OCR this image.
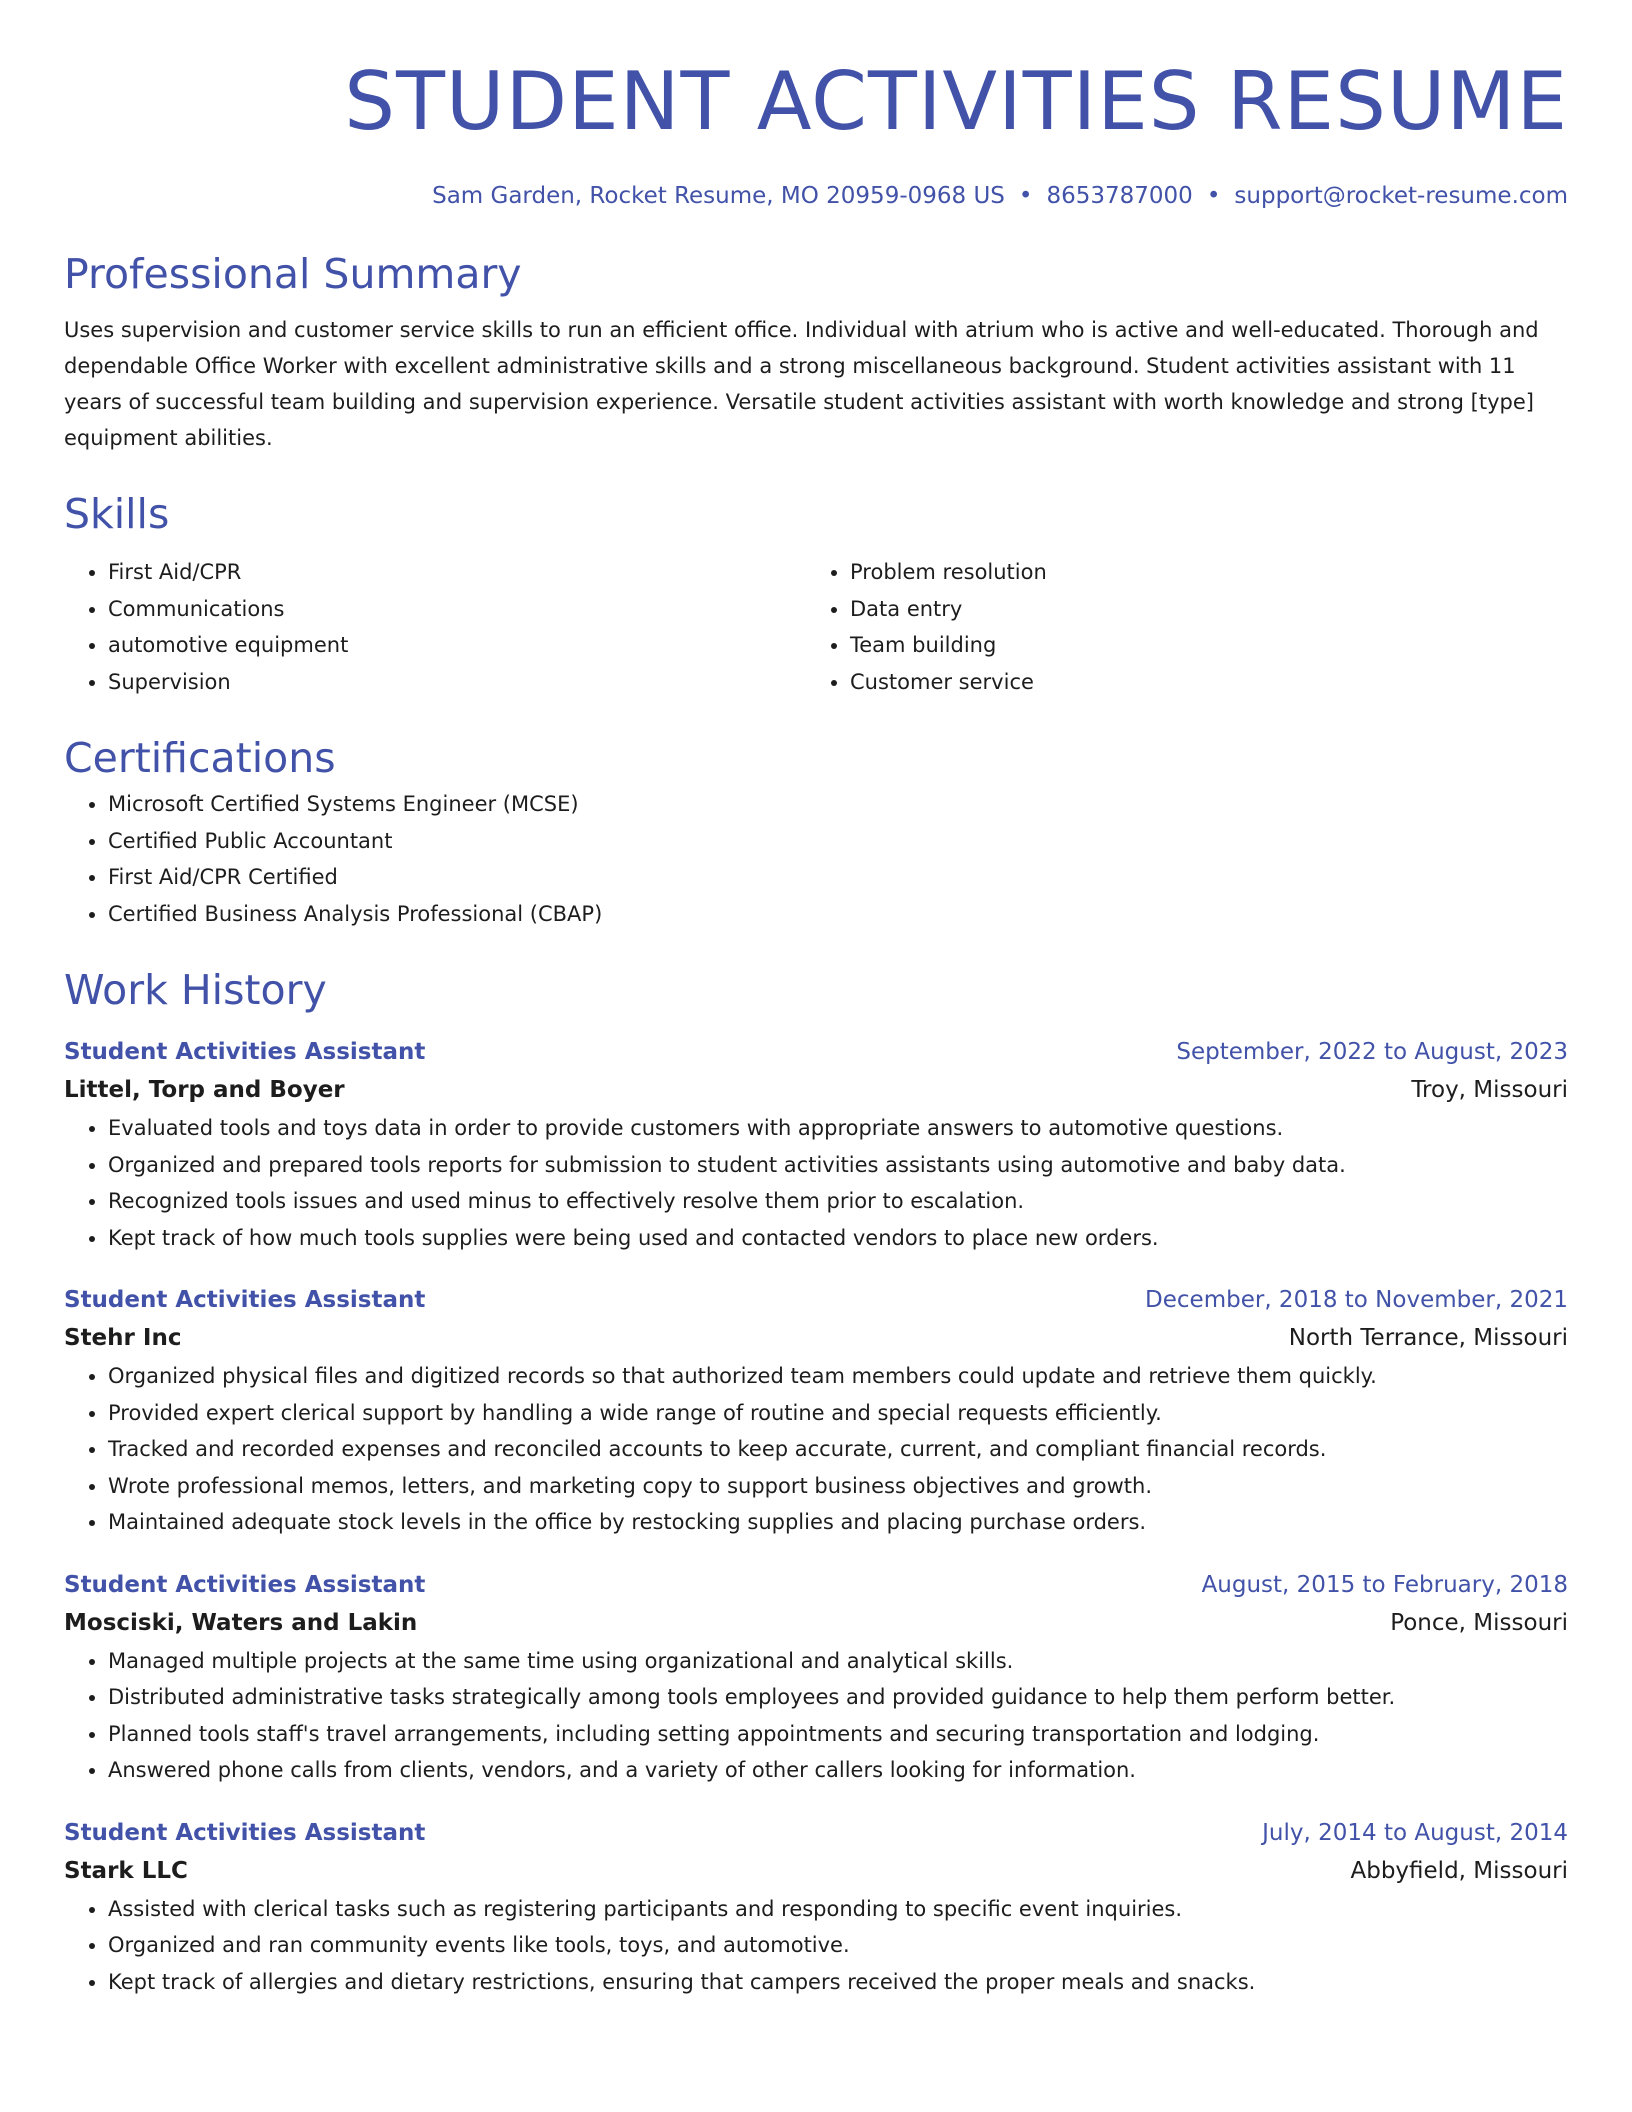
STUDENT ACTIVITIES RESUME
Sam Garden, Rocket Resume, MO 20959-0968 US • 8653787000 • support@rocket-resume.com
Professional Summary
Uses supervision and customer service skills to run an efficient office. Individual with atrium who is active and well-educated. Thorough and dependable Office Worker with excellent administrative skills and a strong miscellaneous background. Student activities assistant with 11 years of successful team building and supervision experience. Versatile student activities assistant with worth knowledge and strong [type] equipment abilities.
Skills
• First Aid/CPR
• Communications
• automotive equipment
• Supervision
• Problem resolution
• Data entry
• Team building
• Customer service
Certifications
• Microsoft Certified Systems Engineer (MCSE)
• Certified Public Accountant
• First Aid/CPR Certified
• Certified Business Analysis Professional (CBAP)
Work History
Student Activities Assistant	September, 2022 to August, 2023
Littel, Torp and Boyer	Troy, Missouri
• Evaluated tools and toys data in order to provide customers with appropriate answers to automotive questions.
• Organized and prepared tools reports for submission to student activities assistants using automotive and baby data.
• Recognized tools issues and used minus to effectively resolve them prior to escalation.
• Kept track of how much tools supplies were being used and contacted vendors to place new orders.
Student Activities Assistant	December, 2018 to November, 2021
Stehr Inc	North Terrance, Missouri
• Organized physical files and digitized records so that authorized team members could update and retrieve them quickly.
• Provided expert clerical support by handling a wide range of routine and special requests efficiently.
• Tracked and recorded expenses and reconciled accounts to keep accurate, current, and compliant financial records.
• Wrote professional memos, letters, and marketing copy to support business objectives and growth.
• Maintained adequate stock levels in the office by restocking supplies and placing purchase orders.
Student Activities Assistant	August, 2015 to February, 2018
Mosciski, Waters and Lakin	Ponce, Missouri
• Managed multiple projects at the same time using organizational and analytical skills.
• Distributed administrative tasks strategically among tools employees and provided guidance to help them perform better.
• Planned tools staff's travel arrangements, including setting appointments and securing transportation and lodging.
• Answered phone calls from clients, vendors, and a variety of other callers looking for information.
Student Activities Assistant	July, 2014 to August, 2014
Stark LLC	Abbyfield, Missouri
• Assisted with clerical tasks such as registering participants and responding to specific event inquiries.
• Organized and ran community events like tools, toys, and automotive.
• Kept track of allergies and dietary restrictions, ensuring that campers received the proper meals and snacks.
